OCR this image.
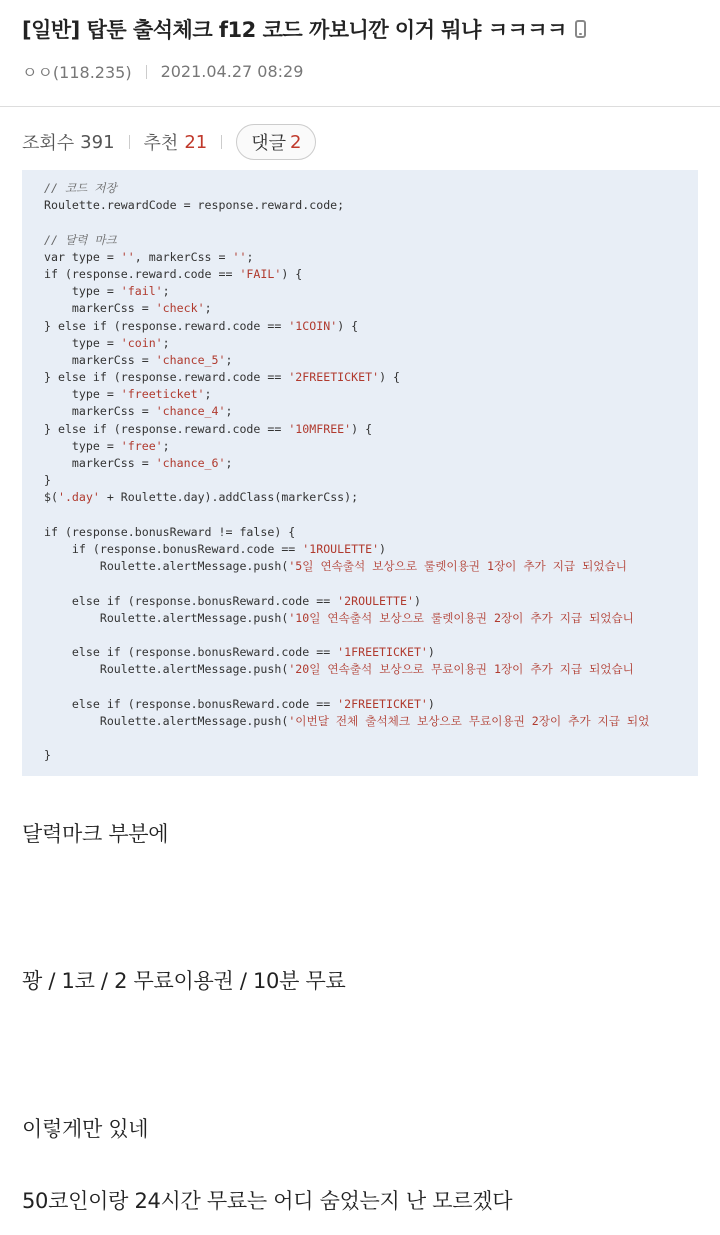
[일반] 탑툰 출석체크 f12 코드 까보니깐 이거 뭐냐 ㅋㅋㅋㅋ
ㅇㅇ(118.235) 2021.04.27 08:29
조회수 391 추천 21 댓글 2
// 코드 저장
Roulette.rewardCode = response.reward.code;

// 달력 마크
var type = '', markerCss = '';
if (response.reward.code == 'FAIL') {
type = 'fail';
markerCss = 'check';
} else if (response.reward.code == '1COIN') {
type = 'coin';
markerCss = 'chance_5';
} else if (response.reward.code == '2FREETICKET') {
type = 'freeticket';
markerCss = 'chance_4';
} else if (response.reward.code == '10MFREE') {
type = 'free';
markerCss = 'chance_6';
}
$('.day' + Roulette.day).addClass(markerCss);

if (response.bonusReward != false) {
if (response.bonusReward.code == '1ROULETTE')
Roulette.alertMessage.push('5일 연속출석 보상으로 룰렛이용권 1장이 추가 지급 되었습니

else if (response.bonusReward.code == '2ROULETTE')
Roulette.alertMessage.push('10일 연속출석 보상으로 룰렛이용권 2장이 추가 지급 되었습니

else if (response.bonusReward.code == '1FREETICKET')
Roulette.alertMessage.push('20일 연속출석 보상으로 무료이용권 1장이 추가 지급 되었습니

else if (response.bonusReward.code == '2FREETICKET')
Roulette.alertMessage.push('이번달 전체 출석체크 보상으로 무료이용권 2장이 추가 지급 되었

}
달력마크 부분에
꽝 / 1코 / 2 무료이용권 / 10분 무료
이렇게만 있네
50코인이랑 24시간 무료는 어디 숨었는지 난 모르겠다
